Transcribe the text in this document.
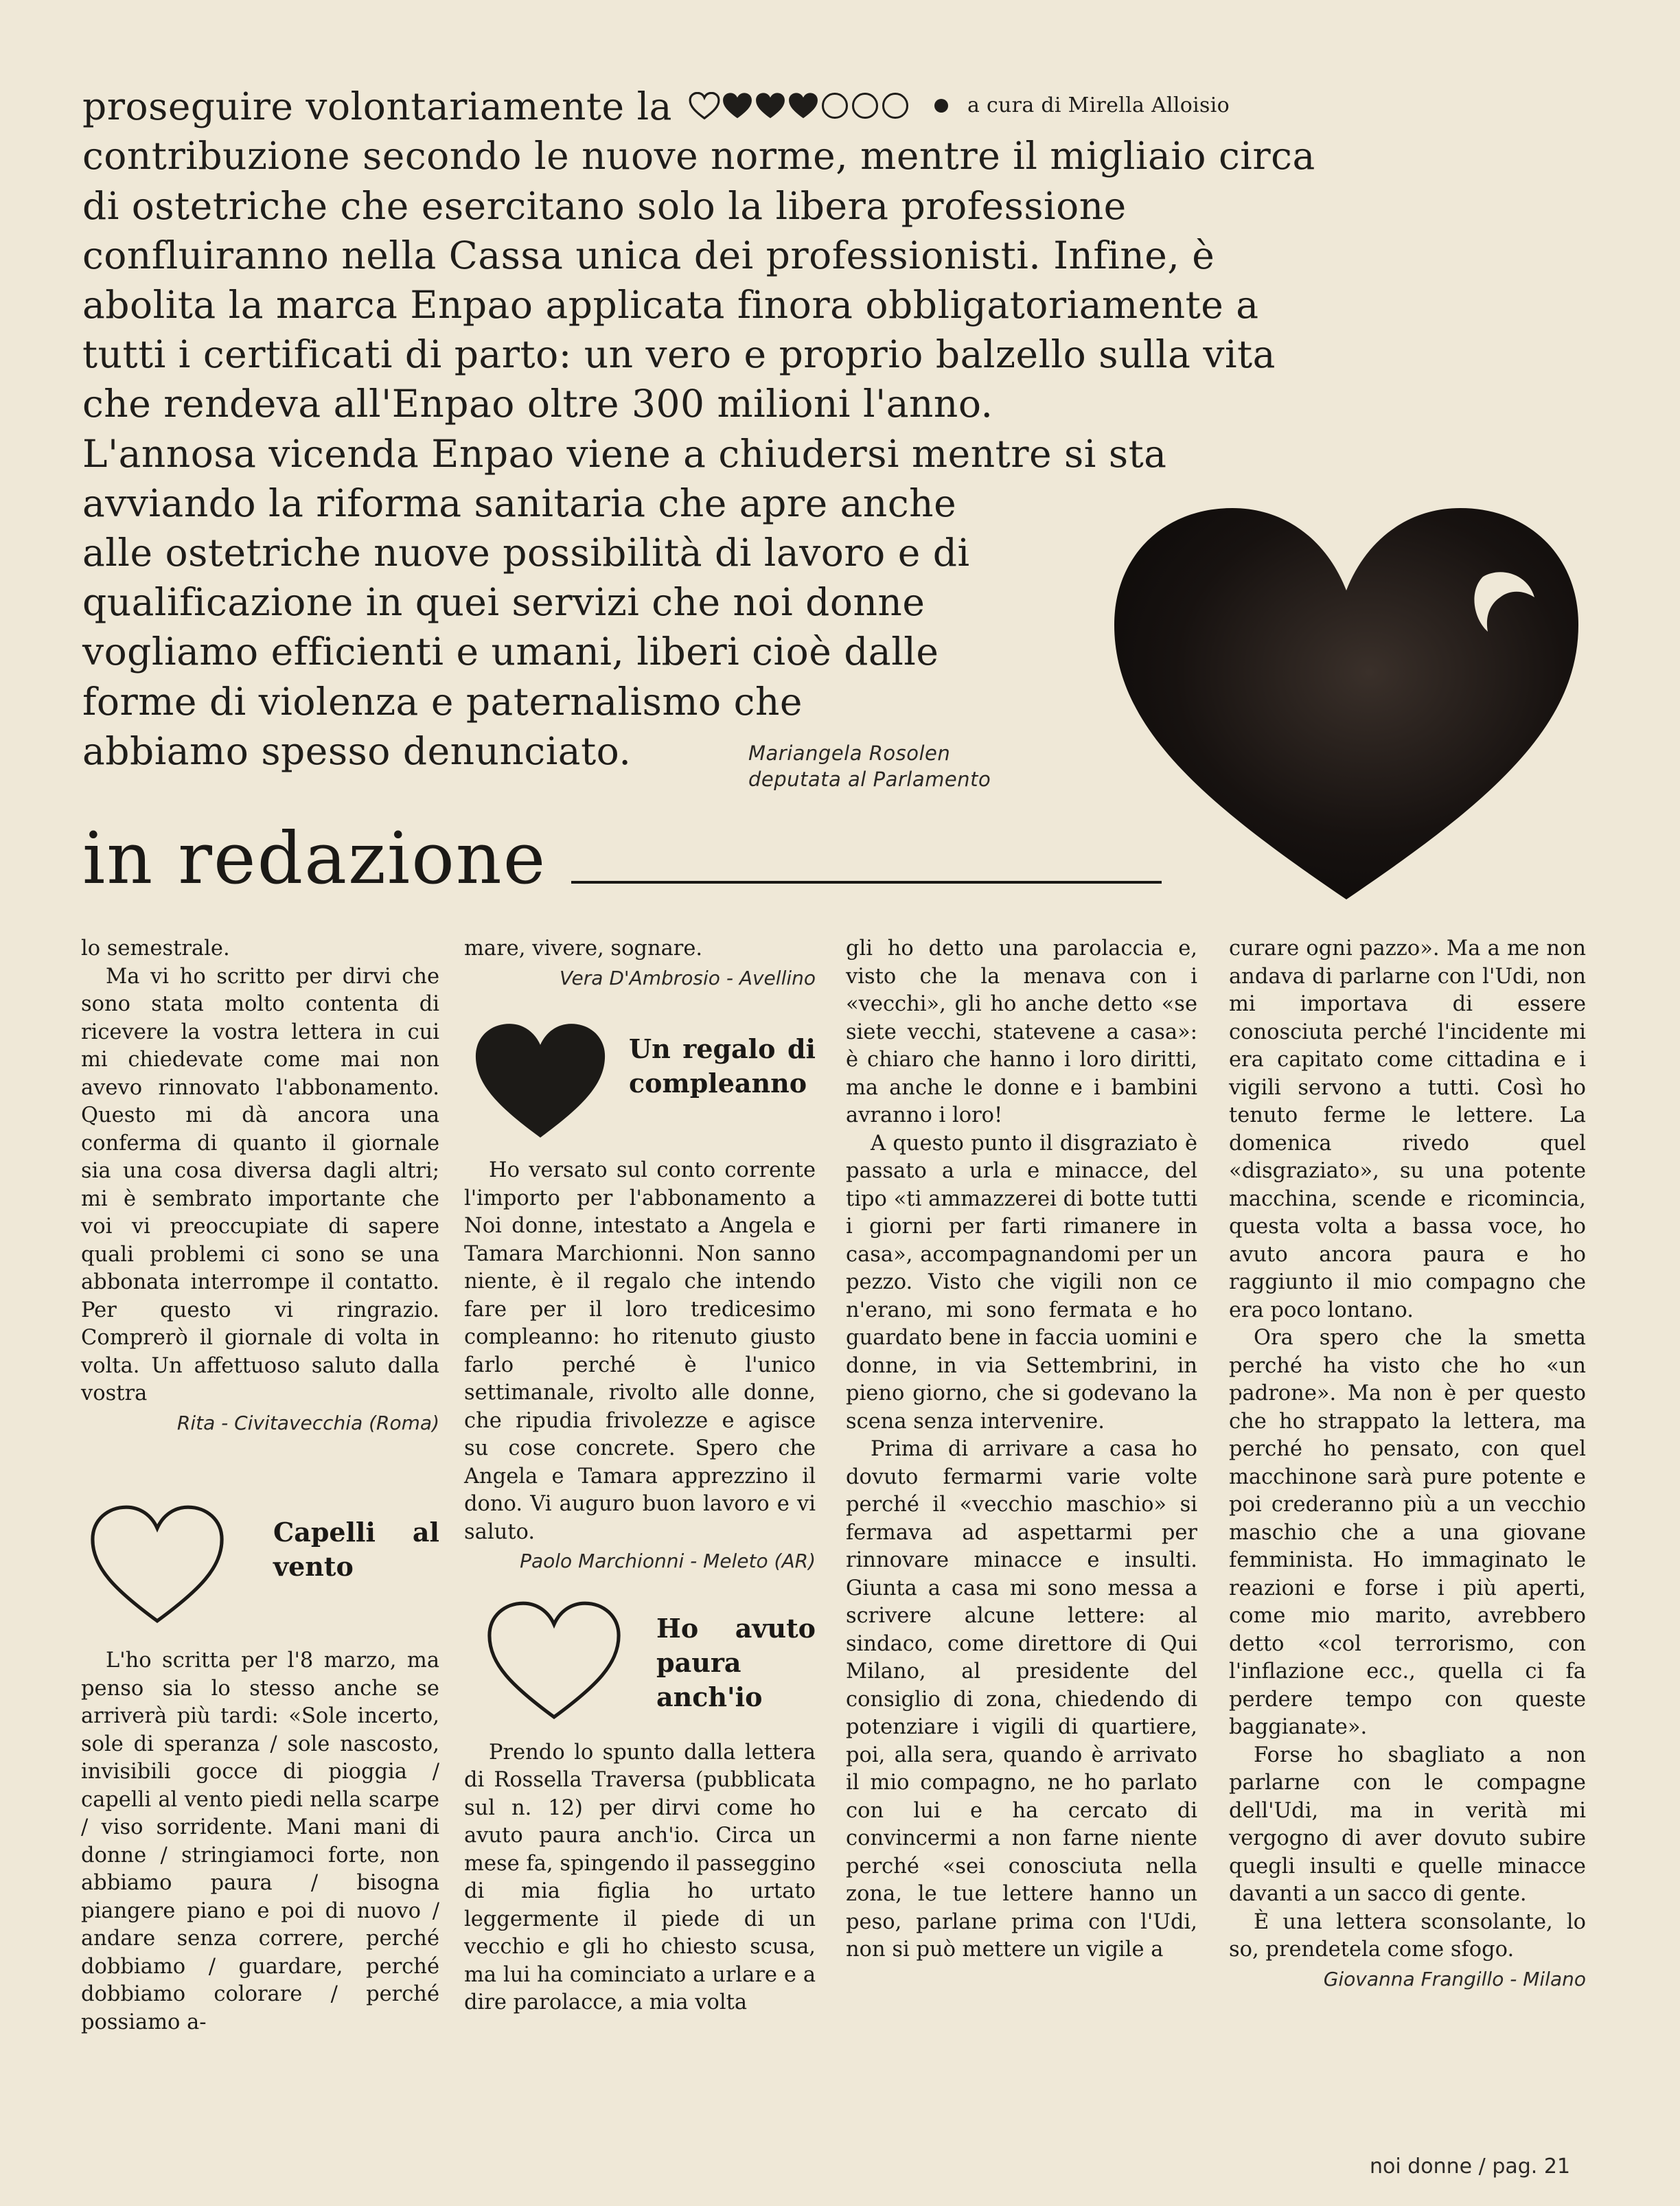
proseguire volontariamente la	a cura di Mirella Alloisio
contribuzione secondo le nuove norme, mentre il migliaio circa
di ostetriche che esercitano solo la libera professione
confluiranno nella Cassa unica dei professionisti. Infine, è
abolita la marca Enpao applicata finora obbligatoriamente a
tutti i certificati di parto: un vero e proprio balzello sulla vita
che rendeva all'Enpao oltre 300 milioni l'anno.
L'annosa vicenda Enpao viene a chiudersi mentre si sta
avviando la riforma sanitaria che apre anche
alle ostetriche nuove possibilità di lavoro e di
qualificazione in quei servizi che noi donne
vogliamo efficienti e umani, liberi cioè dalle
forme di violenza e paternalismo che
abbiamo spesso denunciato.	Mariangela Rosolen
deputata al Parlamento
in redazione

lo semestrale.

Ma vi ho scritto per dirvi che sono stata molto contenta di ricevere la vostra lettera in cui mi chiedevate come mai non avevo rinnovato l'abbonamento. Questo mi dà ancora una conferma di quanto il giornale sia una cosa diversa dagli altri; mi è sembrato importante che voi vi preoccupiate di sapere quali problemi ci sono se una abbonata interrompe il contatto. Per questo vi ringrazio. Comprerò il giornale di volta in volta. Un affettuoso saluto dalla vostra

Rita - Civitavecchia (Roma)

Capelli al vento

L'ho scritta per l'8 marzo, ma penso sia lo stesso anche se arriverà più tardi: «Sole incerto, sole di speranza / sole nascosto, invisibili gocce di pioggia / capelli al vento piedi nella scarpe / viso sorridente. Mani mani di donne / stringiamoci forte, non abbiamo paura / bisogna piangere piano e poi di nuovo / andare senza correre, perché dobbiamo / guardare, perché dobbiamo colorare / perché possiamo a-

mare, vivere, sognare.

Vera D'Ambrosio - Avellino

Un regalo di compleanno

Ho versato sul conto corrente l'importo per l'abbonamento a Noi donne, intestato a Angela e Tamara Marchionni. Non sanno niente, è il regalo che intendo fare per il loro tredicesimo compleanno: ho ritenuto giusto farlo perché è l'unico settimanale, rivolto alle donne, che ripudia frivolezze e agisce su cose concrete. Spero che Angela e Tamara apprezzino il dono. Vi auguro buon lavoro e vi saluto.

Paolo Marchionni - Meleto (AR)

Ho avuto paura anch'io

Prendo lo spunto dalla lettera di Rossella Traversa (pubblicata sul n. 12) per dirvi come ho avuto paura anch'io. Circa un mese fa, spingendo il passeggino di mia figlia ho urtato leggermente il piede di un vecchio e gli ho chiesto scusa, ma lui ha cominciato a urlare e a dire parolacce, a mia volta

gli ho detto una parolaccia e, visto che la menava con i «vecchi», gli ho anche detto «se siete vecchi, statevene a casa»: è chiaro che hanno i loro diritti, ma anche le donne e i bambini avranno i loro!

A questo punto il disgraziato è passato a urla e minacce, del tipo «ti ammazzerei di botte tutti i giorni per farti rimanere in casa», accompagnandomi per un pezzo. Visto che vigili non ce n'erano, mi sono fermata e ho guardato bene in faccia uomini e donne, in via Settembrini, in pieno giorno, che si godevano la scena senza intervenire.

Prima di arrivare a casa ho dovuto fermarmi varie volte perché il «vecchio maschio» si fermava ad aspettarmi per rinnovare minacce e insulti. Giunta a casa mi sono messa a scrivere alcune lettere: al sindaco, come direttore di Qui Milano, al presidente del consiglio di zona, chiedendo di potenziare i vigili di quartiere, poi, alla sera, quando è arrivato il mio compagno, ne ho parlato con lui e ha cercato di convincermi a non farne niente perché «sei conosciuta nella zona, le tue lettere hanno un peso, parlane prima con l'Udi, non si può mettere un vigile a

curare ogni pazzo». Ma a me non andava di parlarne con l'Udi, non mi importava di essere conosciuta perché l'incidente mi era capitato come cittadina e i vigili servono a tutti. Così ho tenuto ferme le lettere. La domenica rivedo quel «disgraziato», su una potente macchina, scende e ricomincia, questa volta a bassa voce, ho avuto ancora paura e ho raggiunto il mio compagno che era poco lontano.

Ora spero che la smetta perché ha visto che ho «un padrone». Ma non è per questo che ho strappato la lettera, ma perché ho pensato, con quel macchinone sarà pure potente e poi crederanno più a un vecchio maschio che a una giovane femminista. Ho immaginato le reazioni e forse i più aperti, come mio marito, avrebbero detto «col terrorismo, con l'inflazione ecc., quella ci fa perdere tempo con queste baggianate».

Forse ho sbagliato a non parlarne con le compagne dell'Udi, ma in verità mi vergogno di aver dovuto subire quegli insulti e quelle minacce davanti a un sacco di gente.

È una lettera sconsolante, lo so, prendetela come sfogo.

Giovanna Frangillo - Milano

noi donne / pag. 21
